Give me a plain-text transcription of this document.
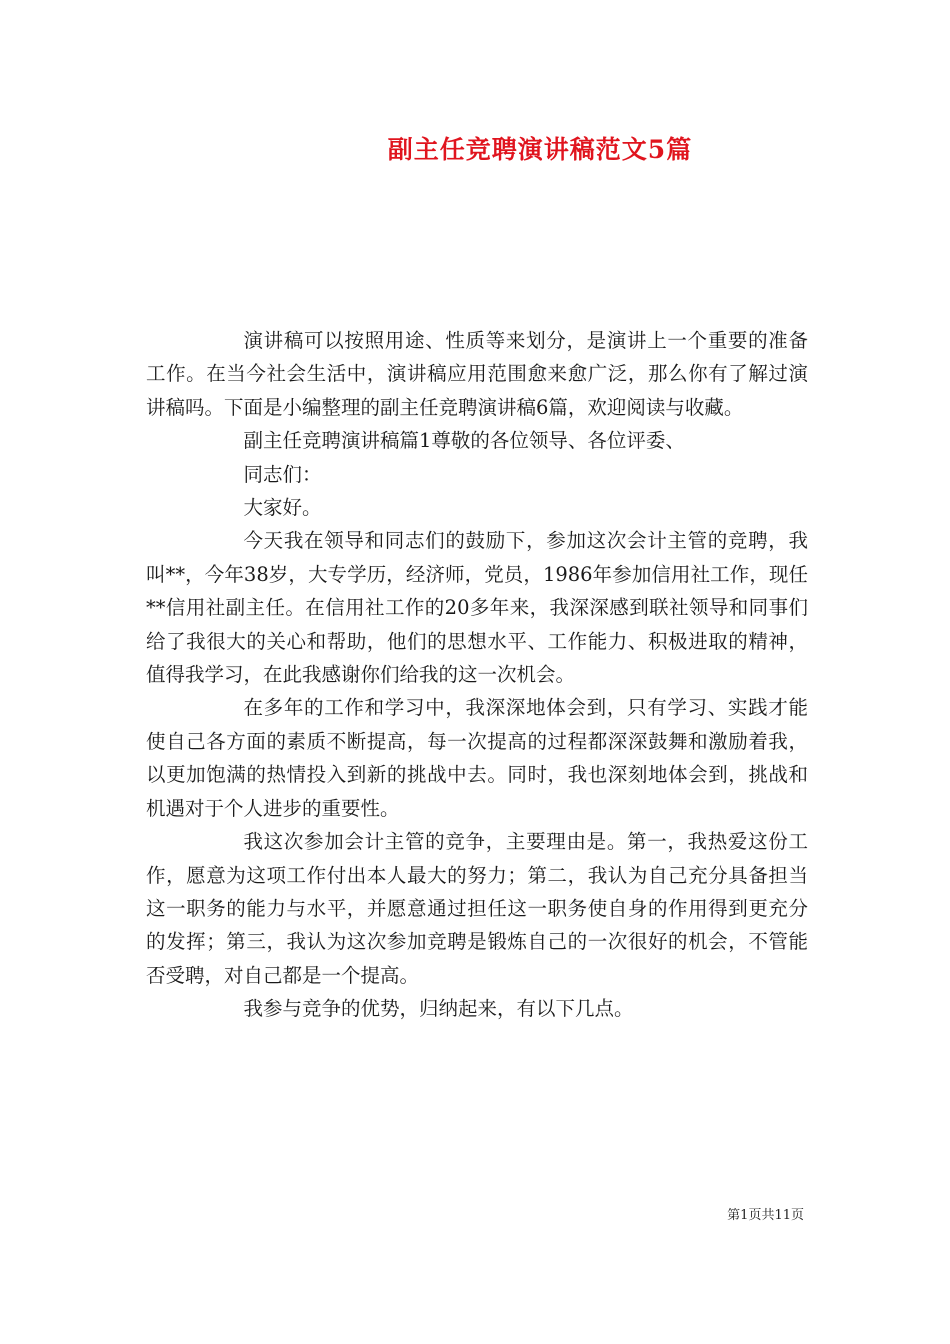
副主任竞聘演讲稿范文5篇

演讲稿可以按照用途、性质等来划分，是演讲上一个重要的准备工作。在当今社会生活中，演讲稿应用范围愈来愈广泛，那么你有了解过演讲稿吗。下面是小编整理的副主任竞聘演讲稿6篇，欢迎阅读与收藏。

副主任竞聘演讲稿篇1尊敬的各位领导、各位评委、

同志们：

大家好。

今天我在领导和同志们的鼓励下，参加这次会计主管的竞聘，我叫**，今年38岁，大专学历，经济师，党员，1986年参加信用社工作，现任**信用社副主任。在信用社工作的20多年来，我深深感到联社领导和同事们给了我很大的关心和帮助，他们的思想水平、工作能力、积极进取的精神，值得我学习，在此我感谢你们给我的这一次机会。

在多年的工作和学习中，我深深地体会到，只有学习、实践才能使自己各方面的素质不断提高，每一次提高的过程都深深鼓舞和激励着我，以更加饱满的热情投入到新的挑战中去。同时，我也深刻地体会到，挑战和机遇对于个人进步的重要性。

我这次参加会计主管的竞争，主要理由是。第一，我热爱这份工作，愿意为这项工作付出本人最大的努力；第二，我认为自己充分具备担当这一职务的能力与水平，并愿意通过担任这一职务使自身的作用得到更充分的发挥；第三，我认为这次参加竞聘是锻炼自己的一次很好的机会，不管能否受聘，对自己都是一个提高。

我参与竞争的优势，归纳起来，有以下几点。

第1页共11页
